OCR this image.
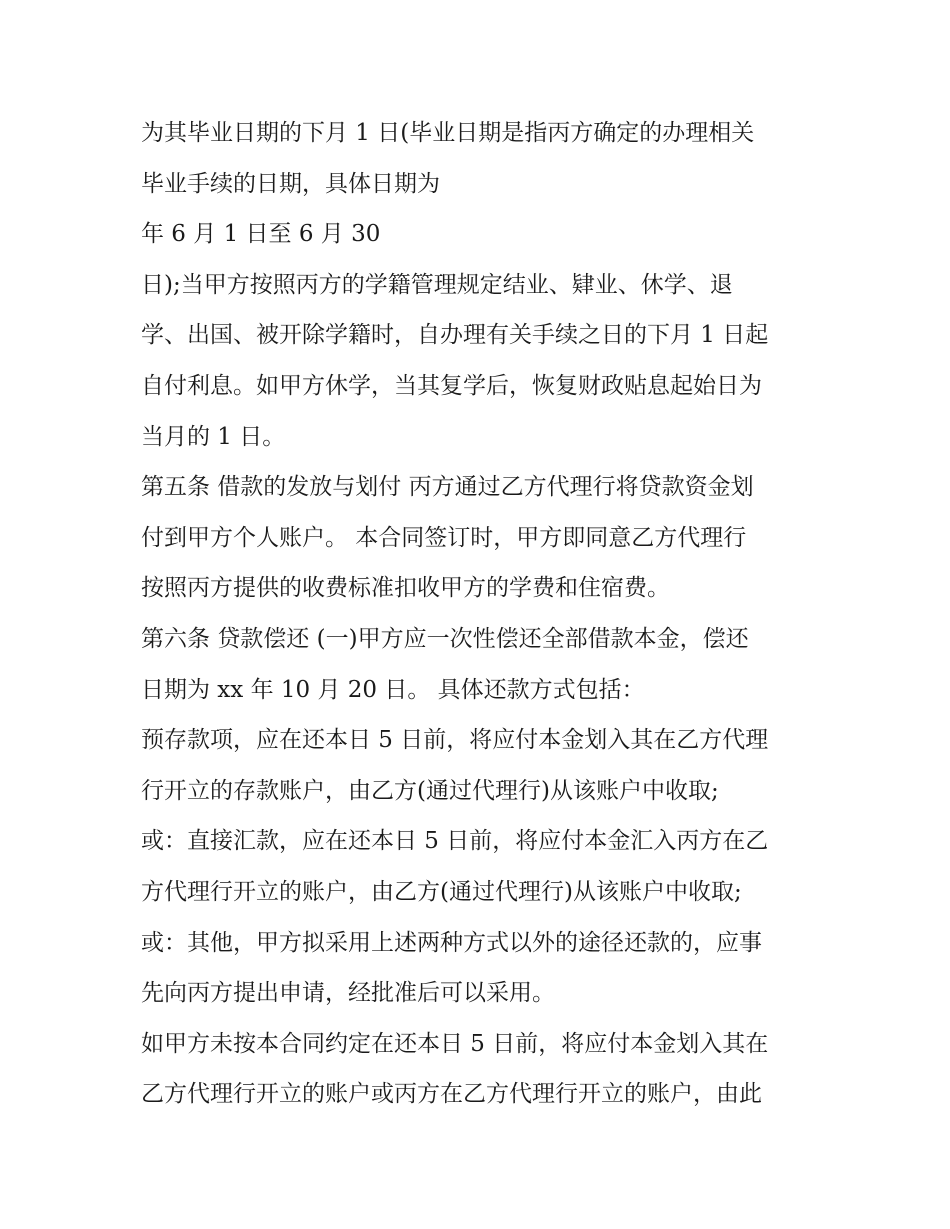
为其毕业日期的下月 1 日(毕业日期是指丙方确定的办理相关

毕业手续的日期，具体日期为

年 6 月 1 日至 6 月 30

日);当甲方按照丙方的学籍管理规定结业、肄业、休学、退

学、出国、被开除学籍时，自办理有关手续之日的下月 1 日起

自付利息。如甲方休学，当其复学后，恢复财政贴息起始日为

当月的 1 日。

第五条 借款的发放与划付 丙方通过乙方代理行将贷款资金划

付到甲方个人账户。 本合同签订时，甲方即同意乙方代理行

按照丙方提供的收费标准扣收甲方的学费和住宿费。

第六条 贷款偿还 (一)甲方应一次性偿还全部借款本金，偿还

日期为 xx 年 10 月 20 日。 具体还款方式包括：

预存款项，应在还本日 5 日前，将应付本金划入其在乙方代理

行开立的存款账户，由乙方(通过代理行)从该账户中收取;

或：直接汇款，应在还本日 5 日前，将应付本金汇入丙方在乙

方代理行开立的账户，由乙方(通过代理行)从该账户中收取;

或：其他，甲方拟采用上述两种方式以外的途径还款的，应事

先向丙方提出申请，经批准后可以采用。

如甲方未按本合同约定在还本日 5 日前，将应付本金划入其在

乙方代理行开立的账户或丙方在乙方代理行开立的账户，由此
